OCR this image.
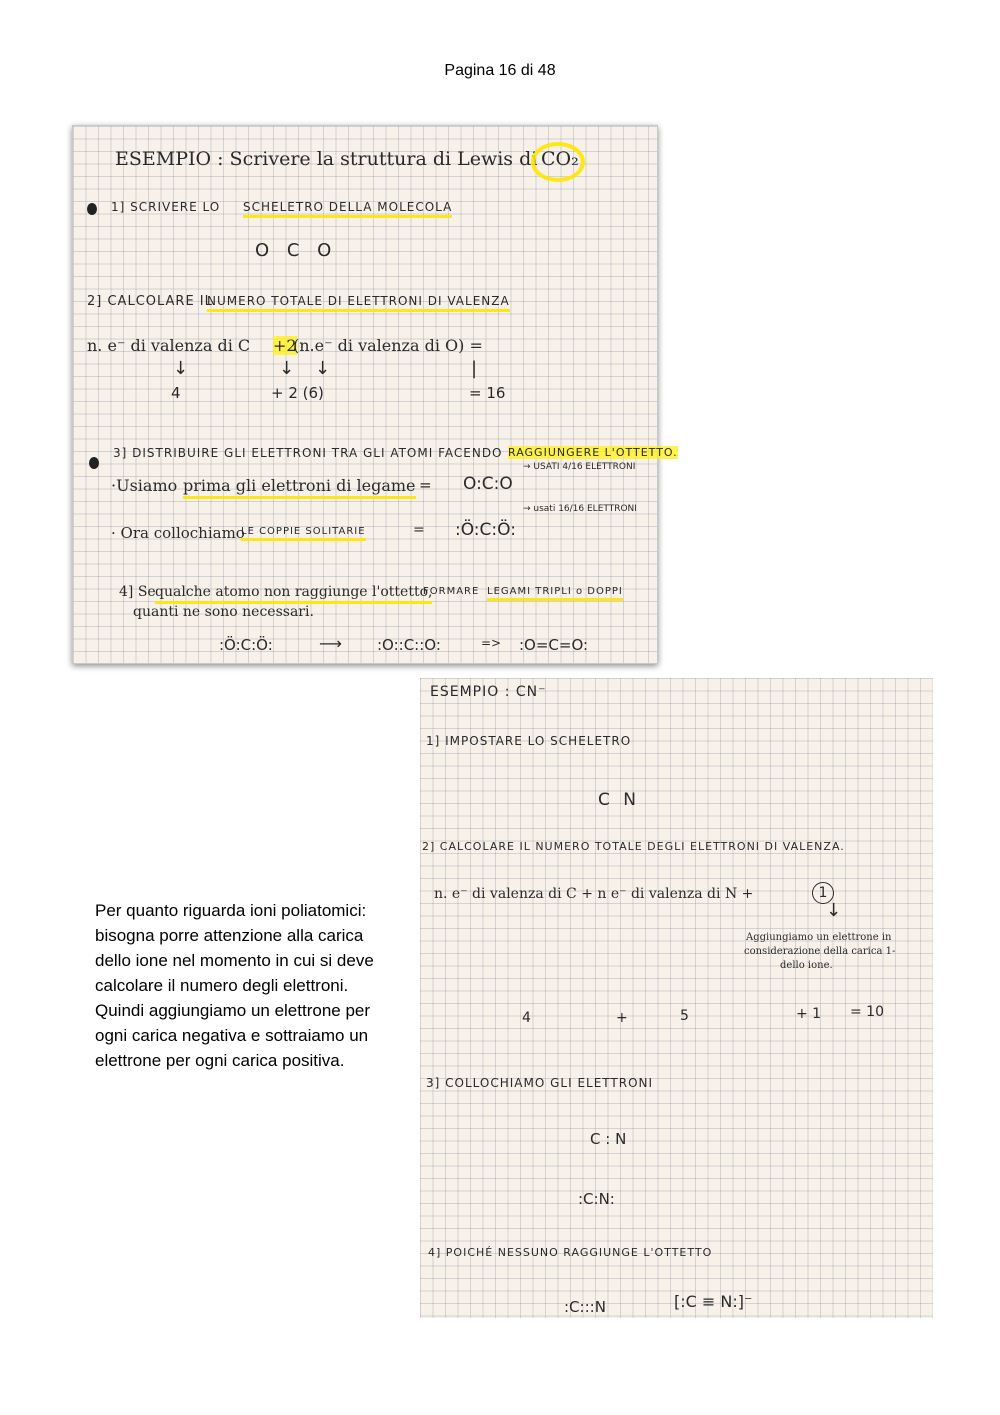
Pagina 16 di 48
ESEMPIO : Scrivere la struttura di Lewis di CO₂
1] SCRIVERE LO SCHELETRO DELLA MOLECOLA
O C O
2] CALCOLARE IL
NUMERO TOTALE DI ELETTRONI DI VALENZA
n. e⁻ di valenza di C +2
(n.e⁻ di valenza di O) =
↓	↓ ↓	|
4	+ 2 (6)	= 16
3] DISTRIBUIRE GLI ELETTRONI TRA GLI ATOMI FACENDO RAGGIUNGERE L'OTTETTO.
·Usiamo prima gli elettroni di legame = O:C:O
→ USATI 4/16 ELETTRONI
· Ora collochiamo
LE COPPIE SOLITARIE	= :Ö:C:Ö:
→ usati 16/16 ELETTRONI
4] Se qualche atomo non raggiunge l'ottetto,
FORMARE LEGAMI TRIPLI o DOPPI
quanti ne sono necessari.
:Ö:C:Ö:	⟶ :O::C::O:	=> :O=C=O:

Per quanto riguarda ioni poliatomici:

bisogna porre attenzione alla carica

dello ione nel momento in cui si deve

calcolare il numero degli elettroni.

Quindi aggiungiamo un elettrone per

ogni carica negativa e sottraiamo un

elettrone per ogni carica positiva.

ESEMPIO : CN⁻
1] IMPOSTARE LO SCHELETRO
C N
2] CALCOLARE IL NUMERO TOTALE DEGLI ELETTRONI DI VALENZA.
n. e⁻ di valenza di C + n e⁻ di valenza di N +	1
↓
Aggiungiamo un elettrone in
considerazione della carica 1-
dello ione.
4	+	5	+ 1 = 10
3] COLLOCHIAMO GLI ELETTRONI
C : N
:C:N:
4] POICHÉ NESSUNO RAGGIUNGE L'OTTETTO
:C:::N	[:C ≡ N:]⁻
